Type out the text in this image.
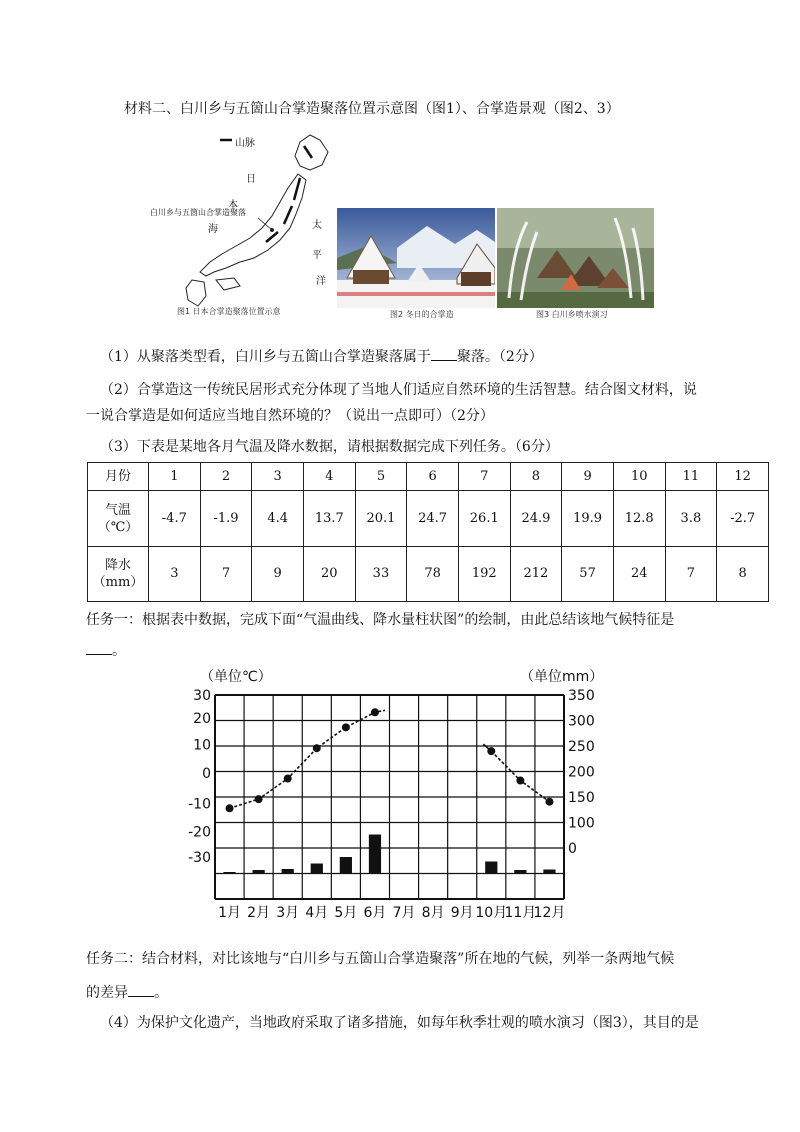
材料二、白川乡与五箇山合掌造聚落位置示意图（图1）、合掌造景观（图2、3）
山脉
日
本
海	太
平
洋
白川乡与五箇山合掌造聚落
图1 日本合掌造聚落位置示意	图2 冬日的合掌造	图3 白川乡喷水演习
（1）从聚落类型看，白川乡与五箇山合掌造聚落属于 聚落。（2分）
（2）合掌造这一传统民居形式充分体现了当地人们适应自然环境的生活智慧。结合图文材料，说
一说合掌造是如何适应当地自然环境的？（说出一点即可）（2分）
（3）下表是某地各月气温及降水数据，请根据数据完成下列任务。（6分）
月份	1	2	3	4	5	6	7	8	9	10	11	12
气温
（℃）	-4.7	-1.9	4.4	13.7	20.1	24.7	26.1	24.9	19.9	12.8	3.8	-2.7
降水
（mm）	3	7	9	20	33	78	192	212	57	24	7	8
任务一：根据表中数据，完成下面“气温曲线、降水量柱状图”的绘制，由此总结该地气候特征是
。
（单位℃）	（单位mm）
30
20
10
0
-10
-20
-30
350
300
250
200
150
100
0
1月 2月 3月 4月 5月 6月 7月 8月 9月 10月
11月
12月
任务二：结合材料，对比该地与“白川乡与五箇山合掌造聚落”所在地的气候，列举一条两地气候
的差异 。
（4）为保护文化遗产，当地政府采取了诸多措施，如每年秋季壮观的喷水演习（图3），其目的是
